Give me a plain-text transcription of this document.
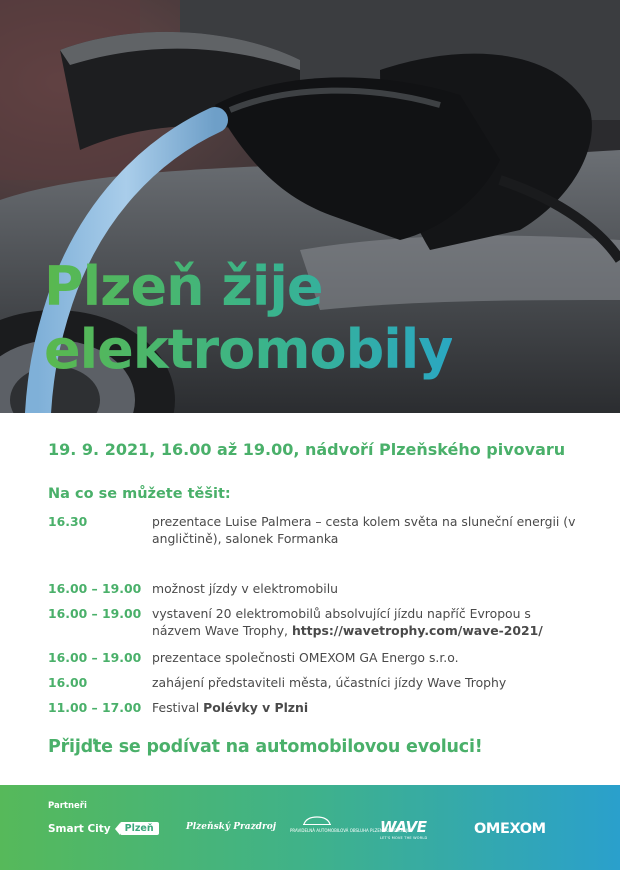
Plzeň žije
elektromobily
19. 9. 2021, 16.00 až 19.00, nádvoří Plzeňského pivovaru
Na co se můžete těšit:
16.30	prezentace Luise Palmera – cesta kolem světa na sluneční energii (v angličtině), salonek Formanka
16.00 – 19.00 možnost jízdy v elektromobilu
16.00 – 19.00 vystavení 20 elektromobilů absolvující jízdu napříč Evropou s názvem Wave Trophy, https://wavetrophy.com/wave-2021/
16.00 – 19.00 prezentace společnosti OMEXOM GA Energo s.r.o.
16.00	zahájení představiteli města, účastníci jízdy Wave Trophy
11.00 – 17.00 Festival Polévky v Plzni
Přijďte se podívat na automobilovou evoluci!
Partneři
Smart City	Plzeň	Plzeňský Prazdroj	PRAVIDELNÁ AUTOMOBILOVÁ OBSLUHA PLZENSKÉHO KRAJE
WAVE
LET'S MOVE THE WORLD
OMEXOM
